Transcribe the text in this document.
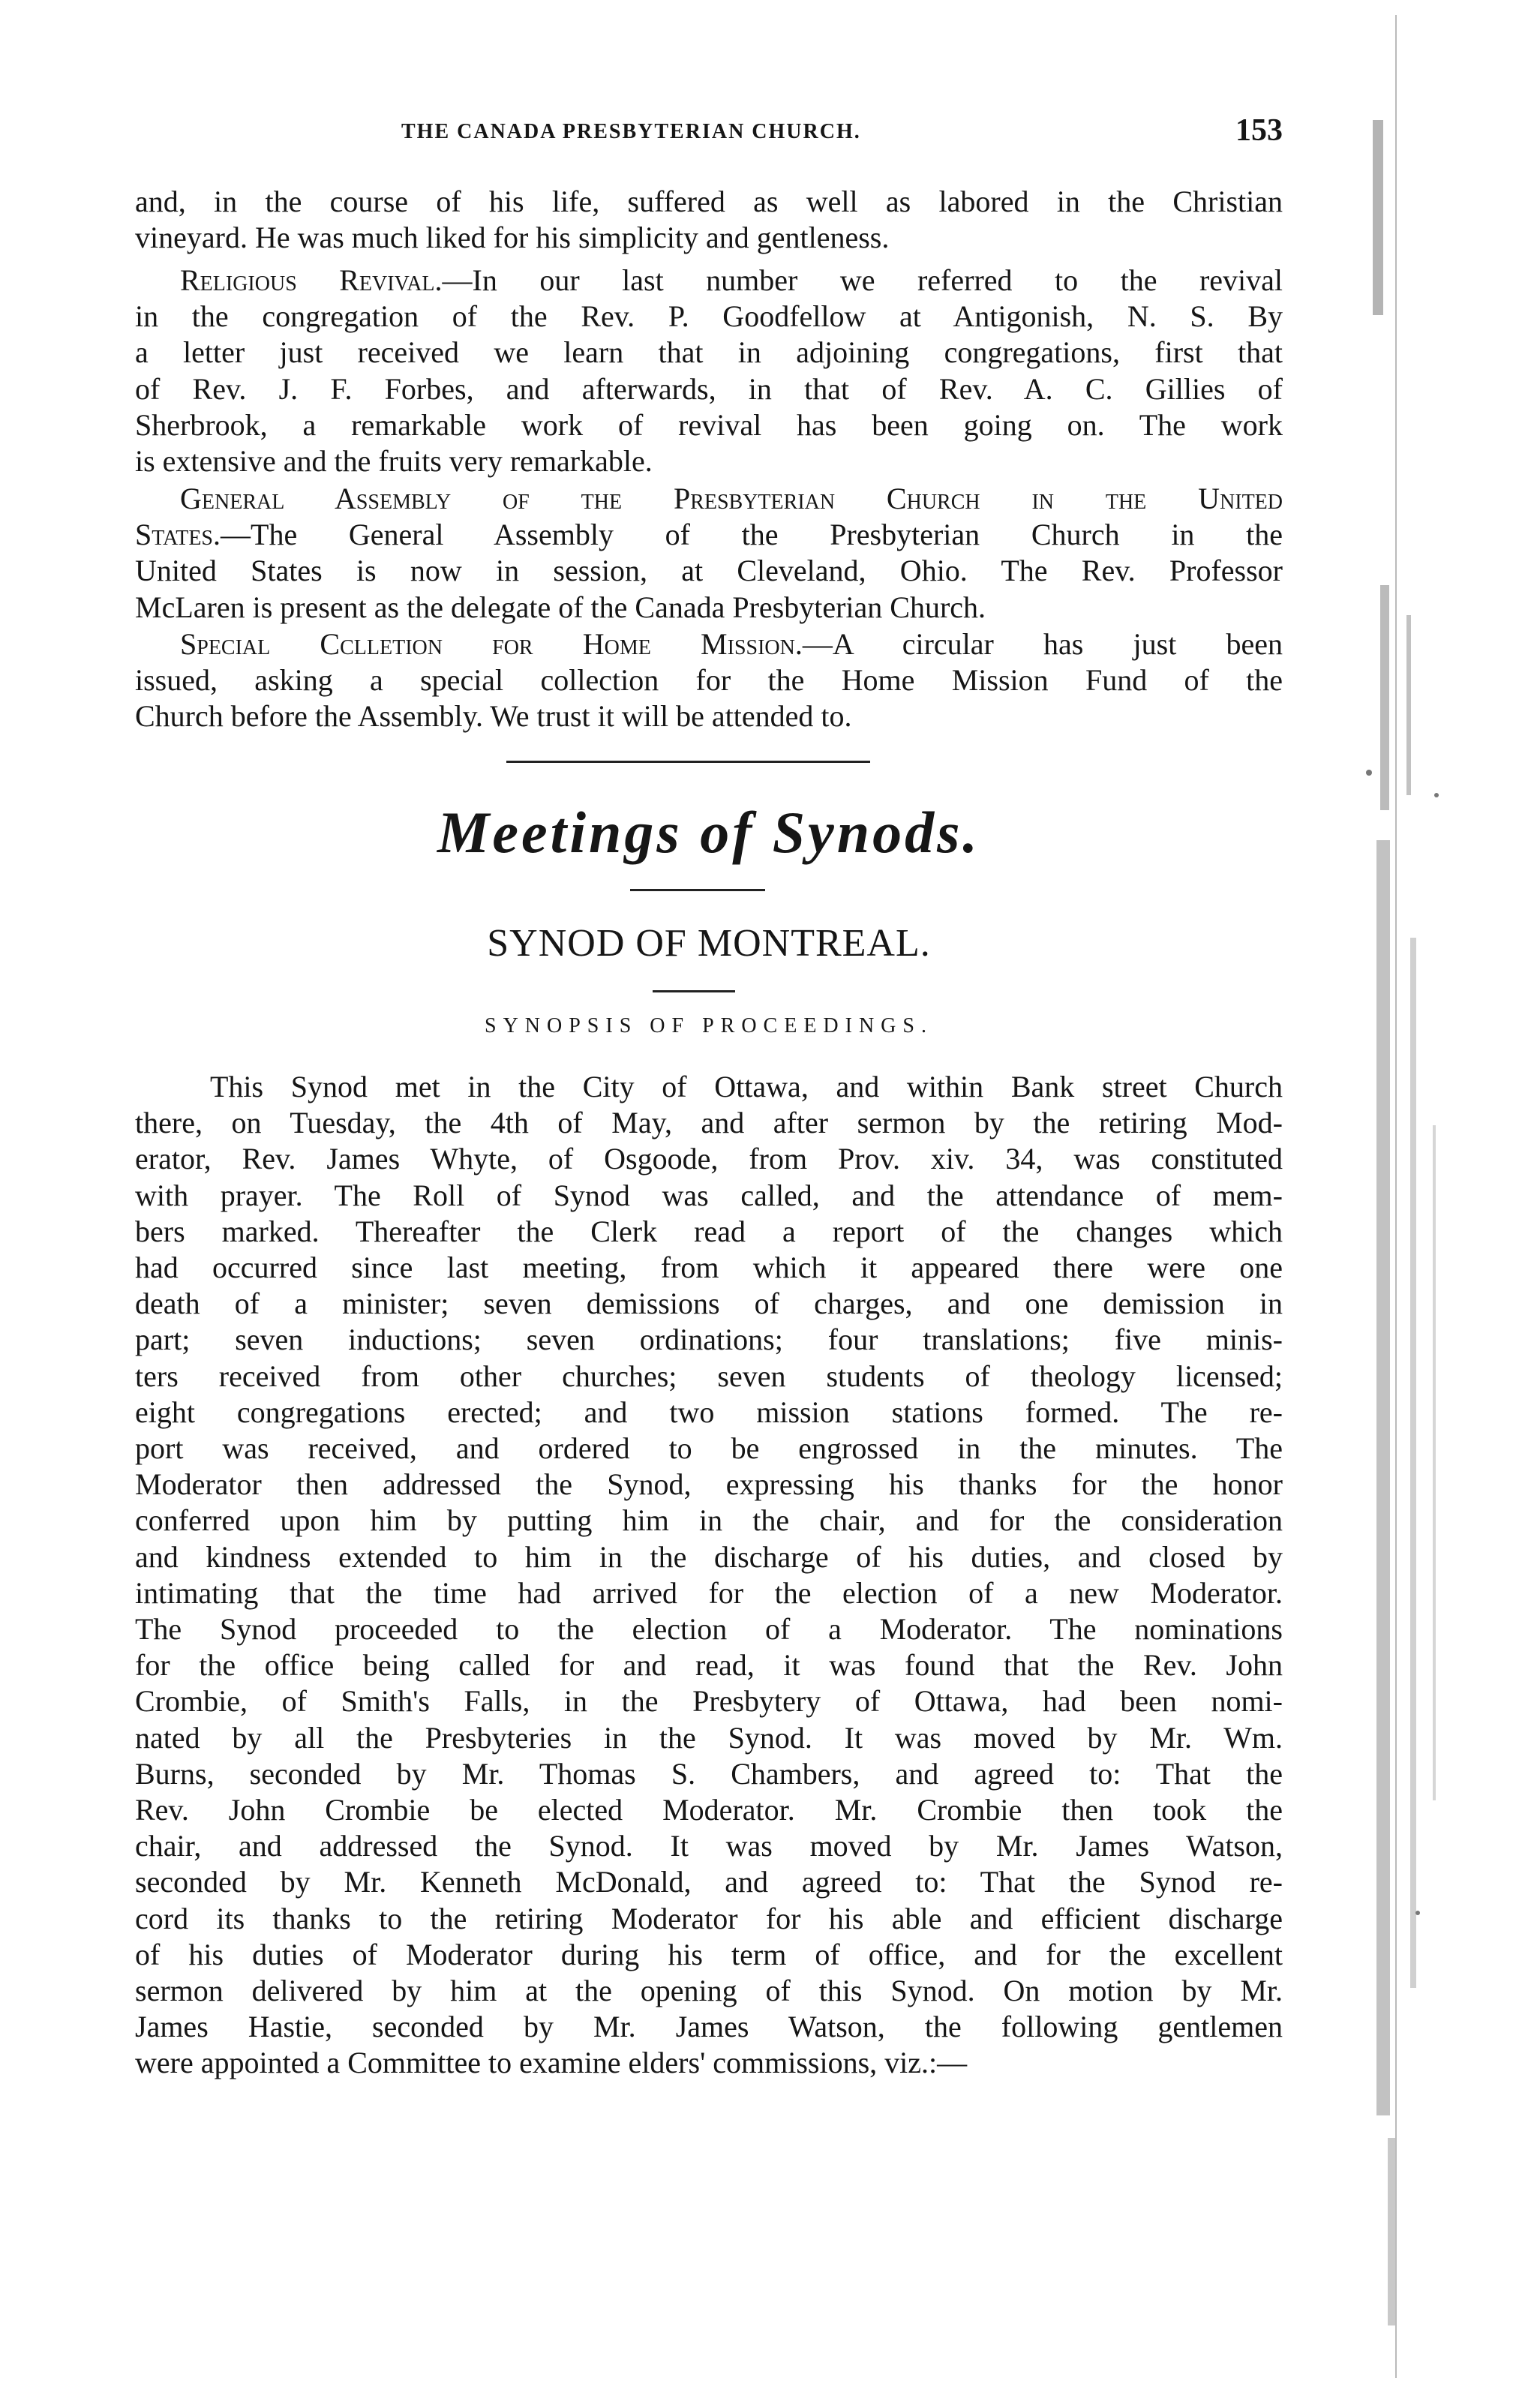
THE CANADA PRESBYTERIAN CHURCH.	153
and, in the course of his life, suffered as well as labored in the Christian
vineyard. He was much liked for his simplicity and gentleness.
Religious Revival.—In our last number we referred to the revival
in the congregation of the Rev. P. Goodfellow at Antigonish, N. S. By
a letter just received we learn that in adjoining congregations, first that
of Rev. J. F. Forbes, and afterwards, in that of Rev. A. C. Gillies of
Sherbrook, a remarkable work of revival has been going on. The work
is extensive and the fruits very remarkable.
General Assembly of the Presbyterian Church in the United
States.—The General Assembly of the Presbyterian Church in the
United States is now in session, at Cleveland, Ohio. The Rev. Professor
McLaren is present as the delegate of the Canada Presbyterian Church.
Special Cclletion for Home Mission.—A circular has just been
issued, asking a special collection for the Home Mission Fund of the
Church before the Assembly. We trust it will be attended to.
Meetings of Synods.
SYNOD OF MONTREAL.
SYNOPSIS OF PROCEEDINGS.
This Synod met in the City of Ottawa, and within Bank street Church
there, on Tuesday, the 4th of May, and after sermon by the retiring Mod-
erator, Rev. James Whyte, of Osgoode, from Prov. xiv. 34, was constituted
with prayer. The Roll of Synod was called, and the attendance of mem-
bers marked. Thereafter the Clerk read a report of the changes which
had occurred since last meeting, from which it appeared there were one
death of a minister; seven demissions of charges, and one demission in
part; seven inductions; seven ordinations; four translations; five minis-
ters received from other churches; seven students of theology licensed;
eight congregations erected; and two mission stations formed. The re-
port was received, and ordered to be engrossed in the minutes. The
Moderator then addressed the Synod, expressing his thanks for the honor
conferred upon him by putting him in the chair, and for the consideration
and kindness extended to him in the discharge of his duties, and closed by
intimating that the time had arrived for the election of a new Moderator.
The Synod proceeded to the election of a Moderator. The nominations
for the office being called for and read, it was found that the Rev. John
Crombie, of Smith's Falls, in the Presbytery of Ottawa, had been nomi-
nated by all the Presbyteries in the Synod. It was moved by Mr. Wm.
Burns, seconded by Mr. Thomas S. Chambers, and agreed to: That the
Rev. John Crombie be elected Moderator. Mr. Crombie then took the
chair, and addressed the Synod. It was moved by Mr. James Watson,
seconded by Mr. Kenneth McDonald, and agreed to: That the Synod re-
cord its thanks to the retiring Moderator for his able and efficient discharge
of his duties of Moderator during his term of office, and for the excellent
sermon delivered by him at the opening of this Synod. On motion by Mr.
James Hastie, seconded by Mr. James Watson, the following gentlemen
were appointed a Committee to examine elders' commissions, viz.:—
